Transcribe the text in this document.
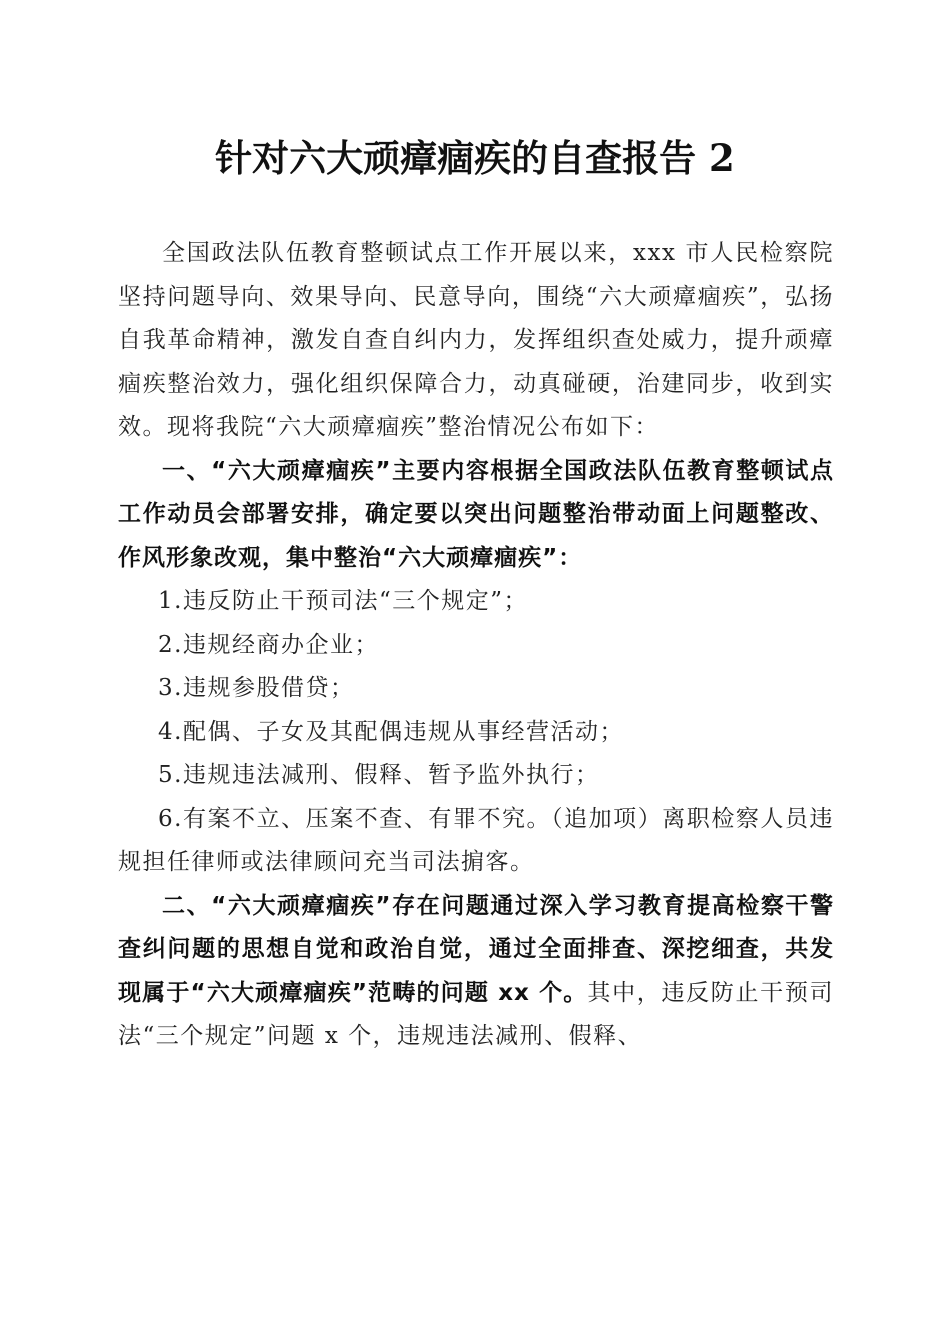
针对六大顽瘴痼疾的自查报告 2

全国政法队伍教育整顿试点工作开展以来，xxx 市人民检察院坚持问题导向、效果导向、民意导向，围绕“六大顽瘴痼疾”，弘扬自我革命精神，激发自查自纠内力，发挥组织查处威力，提升顽瘴痼疾整治效力，强化组织保障合力，动真碰硬，治建同步，收到实效。现将我院“六大顽瘴痼疾”整治情况公布如下：

一、“六大顽瘴痼疾”主要内容根据全国政法队伍教育整顿试点工作动员会部署安排，确定要以突出问题整治带动面上问题整改、作风形象改观，集中整治“六大顽瘴痼疾”：

1.违反防止干预司法“三个规定”；

2.违规经商办企业；

3.违规参股借贷；

4.配偶、子女及其配偶违规从事经营活动；

5.违规违法减刑、假释、暂予监外执行；

6.有案不立、压案不查、有罪不究。（追加项）离职检察人员违规担任律师或法律顾问充当司法掮客。

二、“六大顽瘴痼疾”存在问题通过深入学习教育提高检察干警查纠问题的思想自觉和政治自觉，通过全面排查、深挖细查，共发现属于“六大顽瘴痼疾”范畴的问题 xx 个。其中，违反防止干预司法“三个规定”问题 x 个，违规违法减刑、假释、
